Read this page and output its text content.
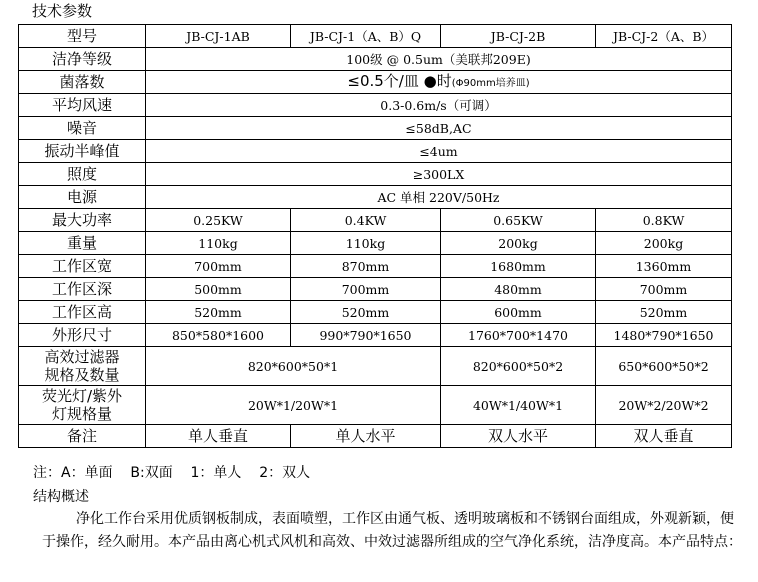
技术参数
型号	JB-CJ-1AB	JB-CJ-1（A、B）Q	JB-CJ-2B	JB-CJ-2（A、B）
洁净等级	100级 @ 0.5um（美联邦209E)			
菌落数	≤0.5个/皿 ●时(Φ90mm培养皿)			
平均风速	0.3-0.6m/s（可调）			
噪音	≤58dB,AC			
振动半峰值	≤4um			
照度	≥300LX			
电源	AC 单相 220V/50Hz			
最大功率	0.25KW	0.4KW	0.65KW	0.8KW
重量	110kg	110kg	200kg	200kg
工作区宽	700mm	870mm	1680mm	1360mm
工作区深	500mm	700mm	480mm	700mm
工作区高	520mm	520mm	600mm	520mm
外形尺寸	850*580*1600	990*790*1650	1760*700*1470	1480*790*1650
高效过滤器
规格及数量	820*600*50*1		820*600*50*2	650*600*50*2
荧光灯/紫外
灯规格量	20W*1/20W*1		40W*1/40W*1	20W*2/20W*2
备注	单人垂直	单人水平	双人水平	双人垂直
注：A：单面    B:双面    1：单人    2：双人
结构概述
净化工作台采用优质钢板制成，表面喷塑，工作区由通气板、透明玻璃板和不锈钢台面组成，外观新颖，便于操作，经久耐用。本产品由离心机式风机和高效、中效过滤器所组成的空气净化系统，洁净度高。本产品特点：
